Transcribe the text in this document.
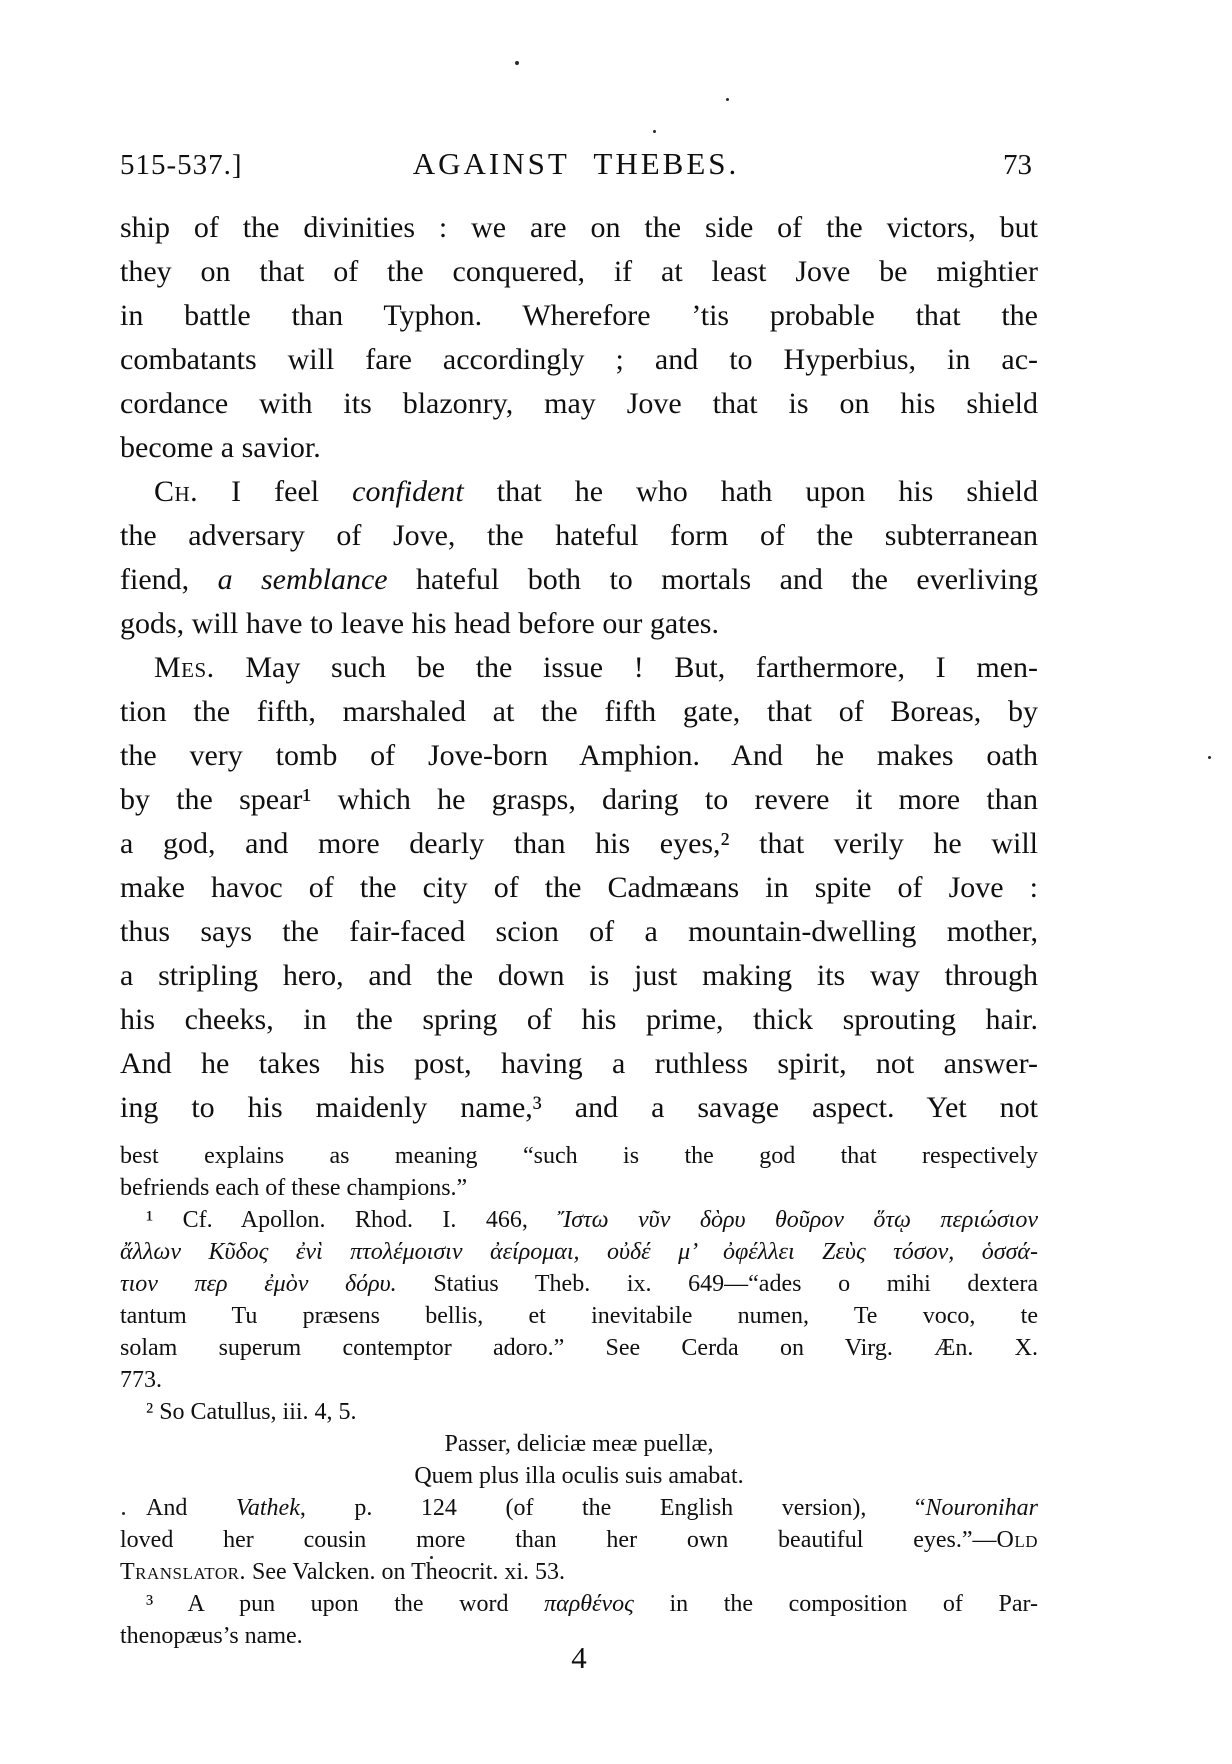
515-537.]	AGAINST THEBES.	73
ship of the divinities : we are on the side of the victors, but
they on that of the conquered, if at least Jove be mightier
in battle than Typhon. Wherefore ’tis probable that the
combatants will fare accordingly ; and to Hyperbius, in ac-
cordance with its blazonry, may Jove that is on his shield
become a savior.
Ch. I feel confident that he who hath upon his shield
the adversary of Jove, the hateful form of the subterranean
fiend, a semblance hateful both to mortals and the everliving
gods, will have to leave his head before our gates.
Mes. May such be the issue ! But, farthermore, I men-
tion the fifth, marshaled at the fifth gate, that of Boreas, by
the very tomb of Jove-born Amphion. And he makes oath
by the spear¹ which he grasps, daring to revere it more than
a god, and more dearly than his eyes,² that verily he will
make havoc of the city of the Cadmæans in spite of Jove :
thus says the fair-faced scion of a mountain-dwelling mother,
a stripling hero, and the down is just making its way through
his cheeks, in the spring of his prime, thick sprouting hair.
And he takes his post, having a ruthless spirit, not answer-
ing to his maidenly name,³ and a savage aspect. Yet not
best explains as meaning “such is the god that respectively
befriends each of these champions.”
¹ Cf. Apollon. Rhod. I. 466, Ἴστω νῦν δὸρυ θοῦρον ὅτῳ περιώσιον
ἄλλων Κῦδος ἐνὶ πτολέμοισιν ἀείρομαι, οὐδέ μ’ ὀφέλλει Ζεὺς τόσον, ὁσσά-
τιον περ ἐμὸν δόρυ. Statius Theb. ix. 649—“ades o mihi dextera
tantum Tu præsens bellis, et inevitabile numen, Te voco, te
solam superum contemptor adoro.” See Cerda on Virg. Æn. X.
773.
² So Catullus, iii. 4, 5.
Passer, deliciæ meæ puellæ,
Quem plus illa oculis suis amabat.
And Vathek, p. 124 (of the English version), “Nouronihar
loved her cousin more than her own beautiful eyes.”—Old
Translator. See Valcken. on Theocrit. xi. 53.
³ A pun upon the word παρθένος in the composition of Par-
thenopæus’s name.
4
